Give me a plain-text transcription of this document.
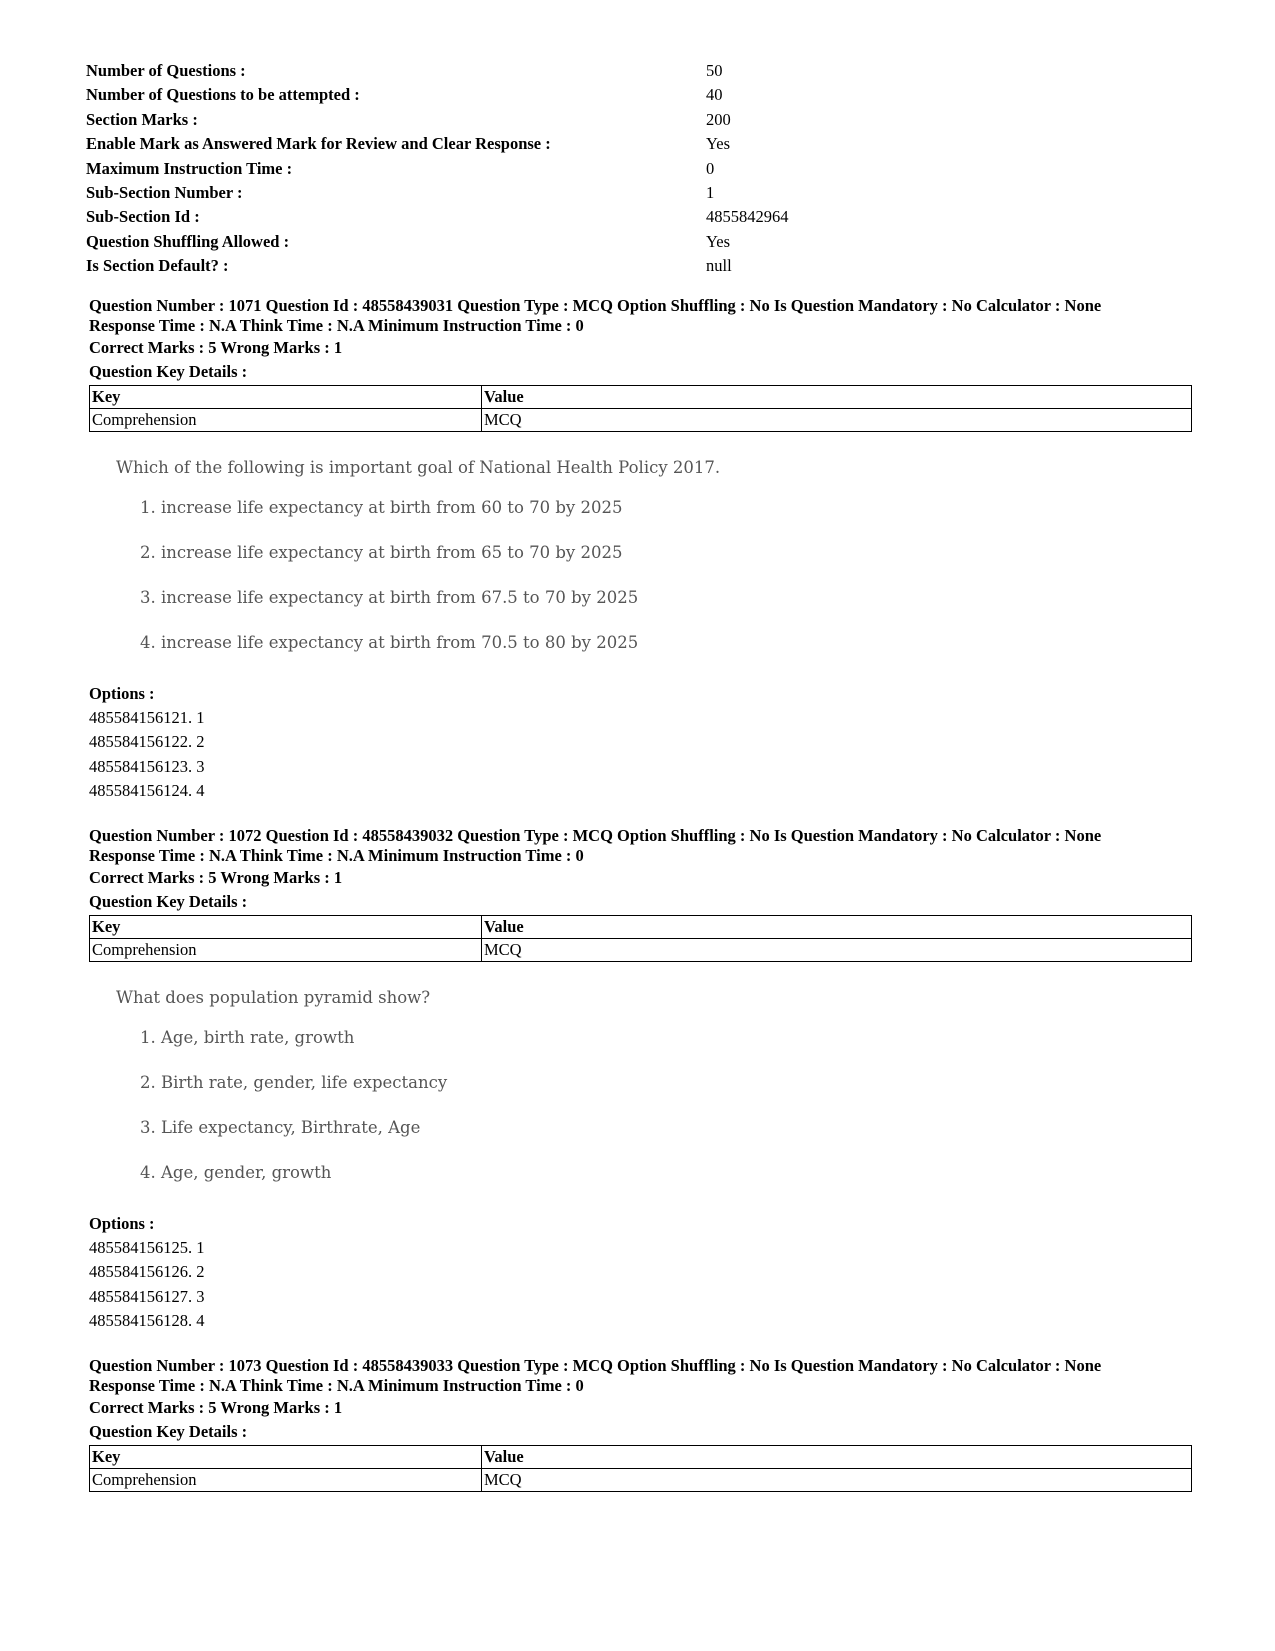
Number of Questions :	50
Number of Questions to be attempted :	40
Section Marks :	200
Enable Mark as Answered Mark for Review and Clear Response :	Yes
Maximum Instruction Time :	0
Sub-Section Number :	1
Sub-Section Id :	4855842964
Question Shuffling Allowed :	Yes
Is Section Default? :	null
Question Number : 1071 Question Id : 48558439031 Question Type : MCQ Option Shuffling : No Is Question Mandatory : No Calculator : None
Response Time : N.A Think Time : N.A Minimum Instruction Time : 0
Correct Marks : 5 Wrong Marks : 1
Question Key Details :
Key	Value
Comprehension	MCQ
Which of the following is important goal of National Health Policy 2017.
1. increase life expectancy at birth from 60 to 70 by 2025
2. increase life expectancy at birth from 65 to 70 by 2025
3. increase life expectancy at birth from 67.5 to 70 by 2025
4. increase life expectancy at birth from 70.5 to 80 by 2025
Options :
485584156121. 1
485584156122. 2
485584156123. 3
485584156124. 4
Question Number : 1072 Question Id : 48558439032 Question Type : MCQ Option Shuffling : No Is Question Mandatory : No Calculator : None
Response Time : N.A Think Time : N.A Minimum Instruction Time : 0
Correct Marks : 5 Wrong Marks : 1
Question Key Details :
Key	Value
Comprehension	MCQ
What does population pyramid show?
1. Age, birth rate, growth
2. Birth rate, gender, life expectancy
3. Life expectancy, Birthrate, Age
4. Age, gender, growth
Options :
485584156125. 1
485584156126. 2
485584156127. 3
485584156128. 4
Question Number : 1073 Question Id : 48558439033 Question Type : MCQ Option Shuffling : No Is Question Mandatory : No Calculator : None
Response Time : N.A Think Time : N.A Minimum Instruction Time : 0
Correct Marks : 5 Wrong Marks : 1
Question Key Details :
Key	Value
Comprehension	MCQ
